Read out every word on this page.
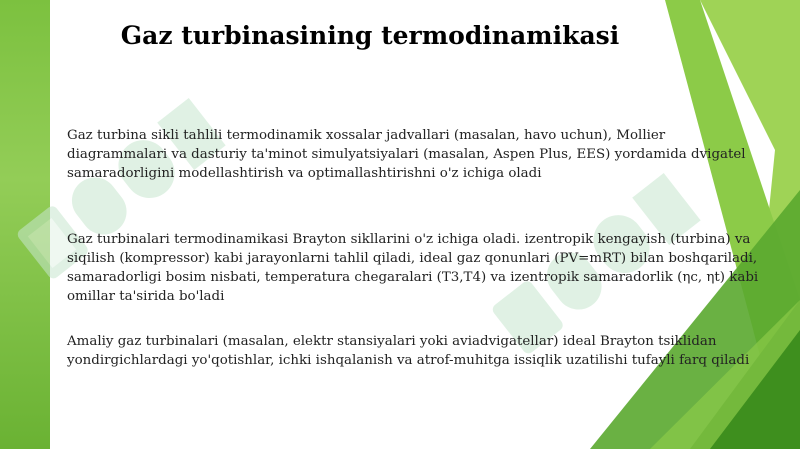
Gaz turbinasining termodinamikasi
Gaz turbina sikli tahlili termodinamik xossalar jadvallari (masalan, havo uchun), Mollier diagrammalari va dasturiy ta'minot simulyatsiyalari (masalan, Aspen Plus, EES) yordamida dvigatel samaradorligini modellashtirish va optimallashtirishni o'z ichiga oladi
Gaz turbinalari termodinamikasi Brayton sikllarini o'z ichiga oladi. izentropik kengayish (turbina) va siqilish (kompressor) kabi jarayonlarni tahlil qiladi, ideal gaz qonunlari (PV=mRT) bilan boshqariladi, samaradorligi bosim nisbati, temperatura chegaralari (T3,T4) va izentropik samaradorlik (ηc, ηt) kabi omillar ta'sirida bo'ladi
Amaliy gaz turbinalari (masalan, elektr stansiyalari yoki aviadvigatellar) ideal Brayton tsiklidan yondirgichlardagi yo'qotishlar, ichki ishqalanish va atrof-muhitga issiqlik uzatilishi tufayli farq qiladi
